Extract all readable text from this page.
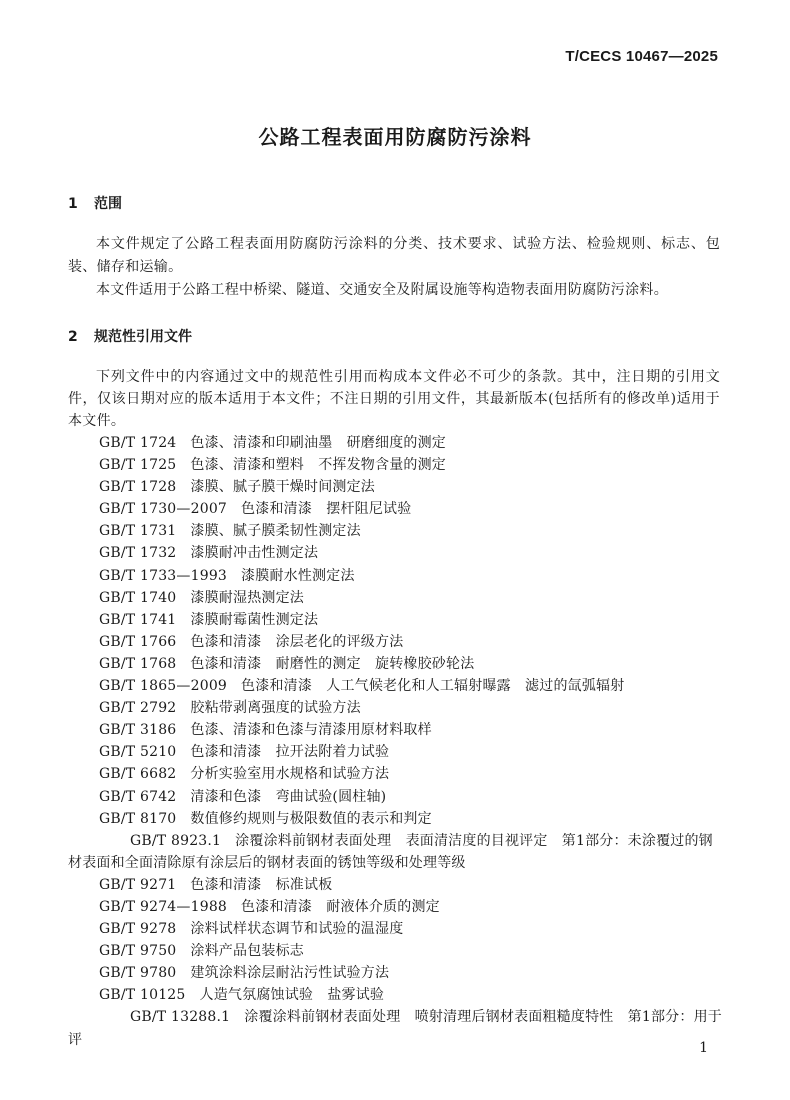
T/CECS 10467—2025
公路工程表面用防腐防污涂料
1 范围
本文件规定了公路工程表面用防腐防污涂料的分类、技术要求、试验方法、检验规则、标志、包装、储存和运输。
本文件适用于公路工程中桥梁、隧道、交通安全及附属设施等构造物表面用防腐防污涂料。
2 规范性引用文件
下列文件中的内容通过文中的规范性引用而构成本文件必不可少的条款。其中，注日期的引用文件，仅该日期对应的版本适用于本文件；不注日期的引用文件，其最新版本(包括所有的修改单)适用于本文件。
GB/T 1724 色漆、清漆和印刷油墨　研磨细度的测定
GB/T 1725 色漆、清漆和塑料　不挥发物含量的测定
GB/T 1728 漆膜、腻子膜干燥时间测定法
GB/T 1730—2007 色漆和清漆　摆杆阻尼试验
GB/T 1731 漆膜、腻子膜柔韧性测定法
GB/T 1732 漆膜耐冲击性测定法
GB/T 1733—1993 漆膜耐水性测定法
GB/T 1740 漆膜耐湿热测定法
GB/T 1741 漆膜耐霉菌性测定法
GB/T 1766 色漆和清漆　涂层老化的评级方法
GB/T 1768 色漆和清漆　耐磨性的测定　旋转橡胶砂轮法
GB/T 1865—2009 色漆和清漆　人工气候老化和人工辐射曝露　滤过的氙弧辐射
GB/T 2792 胶粘带剥离强度的试验方法
GB/T 3186 色漆、清漆和色漆与清漆用原材料取样
GB/T 5210 色漆和清漆　拉开法附着力试验
GB/T 6682 分析实验室用水规格和试验方法
GB/T 6742 清漆和色漆　弯曲试验(圆柱轴)
GB/T 8170 数值修约规则与极限数值的表示和判定
GB/T 8923.1 涂覆涂料前钢材表面处理　表面清洁度的目视评定　第1部分：未涂覆过的钢材表面和全面清除原有涂层后的钢材表面的锈蚀等级和处理等级
GB/T 9271 色漆和清漆　标准试板
GB/T 9274—1988 色漆和清漆　耐液体介质的测定
GB/T 9278 涂料试样状态调节和试验的温湿度
GB/T 9750 涂料产品包装标志
GB/T 9780 建筑涂料涂层耐沾污性试验方法
GB/T 10125 人造气氛腐蚀试验　盐雾试验
GB/T 13288.1 涂覆涂料前钢材表面处理　喷射清理后钢材表面粗糙度特性　第1部分：用于评
1
